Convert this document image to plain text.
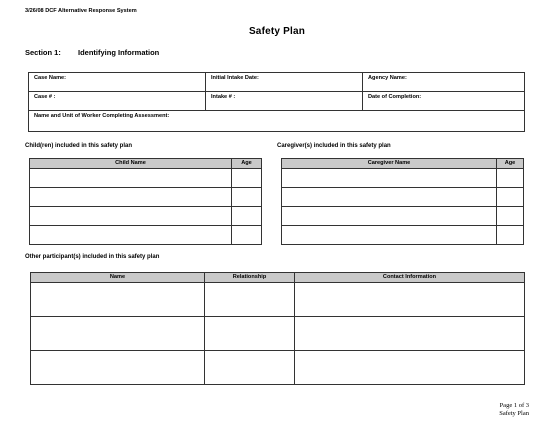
3/26/08 DCF Alternative Response System
Safety Plan
Section 1: Identifying Information
Case Name:	Initial Intake Date:	Agency Name:
Case # :	Intake # :	Date of Completion:
Name and Unit of Worker Completing Assessment:		
Child(ren) included in this safety plan
Child Name	Age

Caregiver(s) included in this safety plan
Caregiver Name	Age

Other participant(s) included in this safety plan
Name	Relationship	Contact Information

Page 1 of 3
Safety Plan
